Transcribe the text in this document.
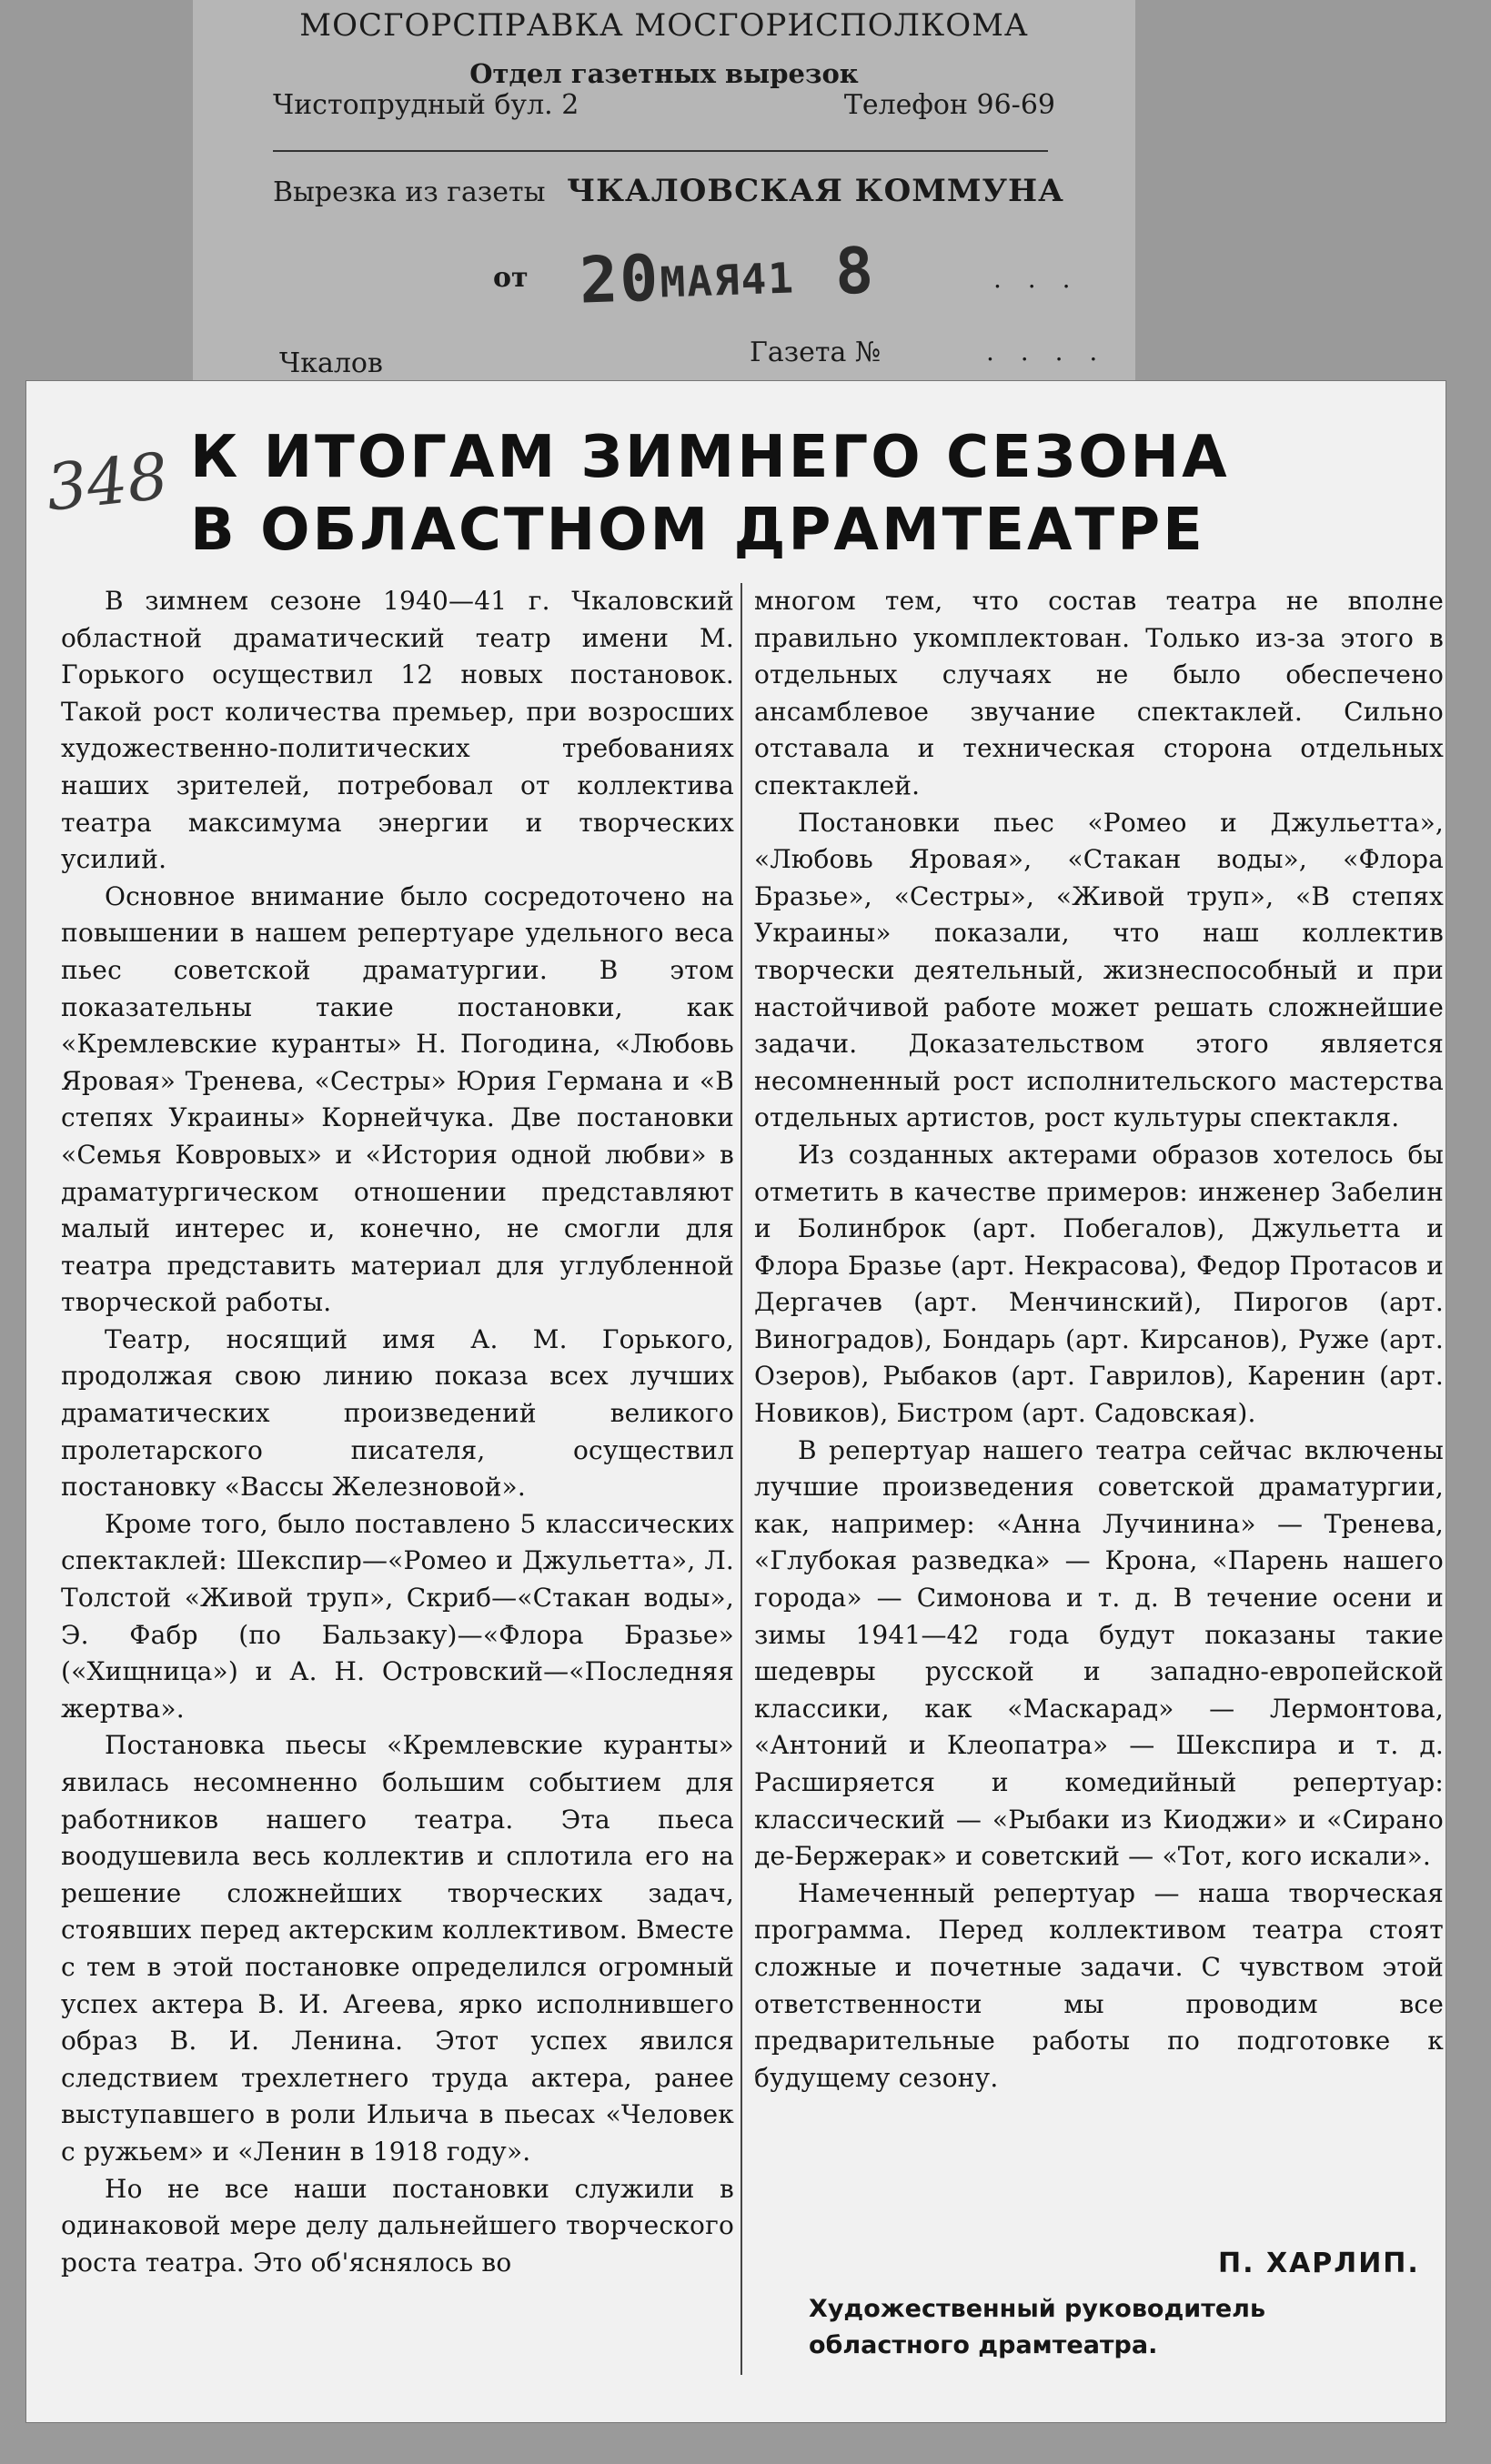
МОСГОРСПРАВКА МОСГОРИСПОЛКОМА
Отдел газетных вырезок
Чистопрудный бул. 2	Телефон 96-69
Вырезка из газеты ЧКАЛОВСКАЯ КОММУНА
от 20МАЯ41 8	. . .
Чкалов	Газета №	. . . .
348 К ИТОГАМ ЗИМНЕГО СЕЗОНА
В ОБЛАСТНОМ ДРАМТЕАТРЕ

В зимнем сезоне 1940—41 г. Чкаловский областной драматический театр имени М. Горького осуществил 12 новых постановок. Такой рост количества премьер, при возросших художественно-политических требованиях наших зрителей, потребовал от коллектива театра максимума энергии и творческих усилий.

Основное внимание было сосредоточено на повышении в нашем репертуаре удельного веса пьес советской драматургии. В этом показательны такие постановки, как «Кремлевские куранты» Н. Погодина, «Любовь Яровая» Тренева, «Сестры» Юрия Германа и «В степях Украины» Корнейчука. Две постановки «Семья Ковровых» и «История одной любви» в драматургическом отношении представляют малый интерес и, конечно, не смогли для театра представить материал для углубленной творческой работы.

Театр, носящий имя А. М. Горького, продолжая свою линию показа всех лучших драматических произведений великого пролетарского писателя, осуществил постановку «Вассы Железновой».

Кроме того, было поставлено 5 классических спектаклей: Шекспир—«Ромео и Джульетта», Л. Толстой «Живой труп», Скриб—«Стакан воды», Э. Фабр (по Бальзаку)—«Флора Бразье» («Хищница») и А. Н. Островский—«Последняя жертва».

Постановка пьесы «Кремлевские куранты» явилась несомненно большим событием для работников нашего театра. Эта пьеса воодушевила весь коллектив и сплотила его на решение сложнейших творческих задач, стоявших перед актерским коллективом. Вместе с тем в этой постановке определился огромный успех актера В. И. Агеева, ярко исполнившего образ В. И. Ленина. Этот успех явился следствием трехлетнего труда актера, ранее выступавшего в роли Ильича в пьесах «Человек с ружьем» и «Ленин в 1918 году».

Но не все наши постановки служили в одинаковой мере делу дальнейшего творческого роста театра. Это об'яснялось во

многом тем, что состав театра не вполне правильно укомплектован. Только из-за этого в отдельных случаях не было обеспечено ансамблевое звучание спектаклей. Сильно отставала и техническая сторона отдельных спектаклей.

Постановки пьес «Ромео и Джульетта», «Любовь Яровая», «Стакан воды», «Флора Бразье», «Сестры», «Живой труп», «В степях Украины» показали, что наш коллектив творчески деятельный, жизнеспособный и при настойчивой работе может решать сложнейшие задачи. Доказательством этого является несомненный рост исполнительского мастерства отдельных артистов, рост культуры спектакля.

Из созданных актерами образов хотелось бы отметить в качестве примеров: инженер Забелин и Болинброк (арт. Побегалов), Джульетта и Флора Бразье (арт. Некрасова), Федор Протасов и Дергачев (арт. Менчинский), Пирогов (арт. Виноградов), Бондарь (арт. Кирсанов), Руже (арт. Озеров), Рыбаков (арт. Гаврилов), Каренин (арт. Новиков), Бистром (арт. Садовская).

В репертуар нашего театра сейчас включены лучшие произведения советской драматургии, как, например: «Анна Лучинина» — Тренева, «Глубокая разведка» — Крона, «Парень нашего города» — Симонова и т. д. В течение осени и зимы 1941—42 года будут показаны такие шедевры русской и западно-европейской классики, как «Маскарад» — Лермонтова, «Антоний и Клеопатра» — Шекспира и т. д. Расширяется и комедийный репертуар: классический — «Рыбаки из Киоджи» и «Сирано де-Бержерак» и советский — «Тот, кого искали».

Намеченный репертуар — наша творческая программа. Перед коллективом театра стоят сложные и почетные задачи. С чувством этой ответственности мы проводим все предварительные работы по подготовке к будущему сезону.

П. ХАРЛИП.
Художественный руководитель областного драмтеатра.
